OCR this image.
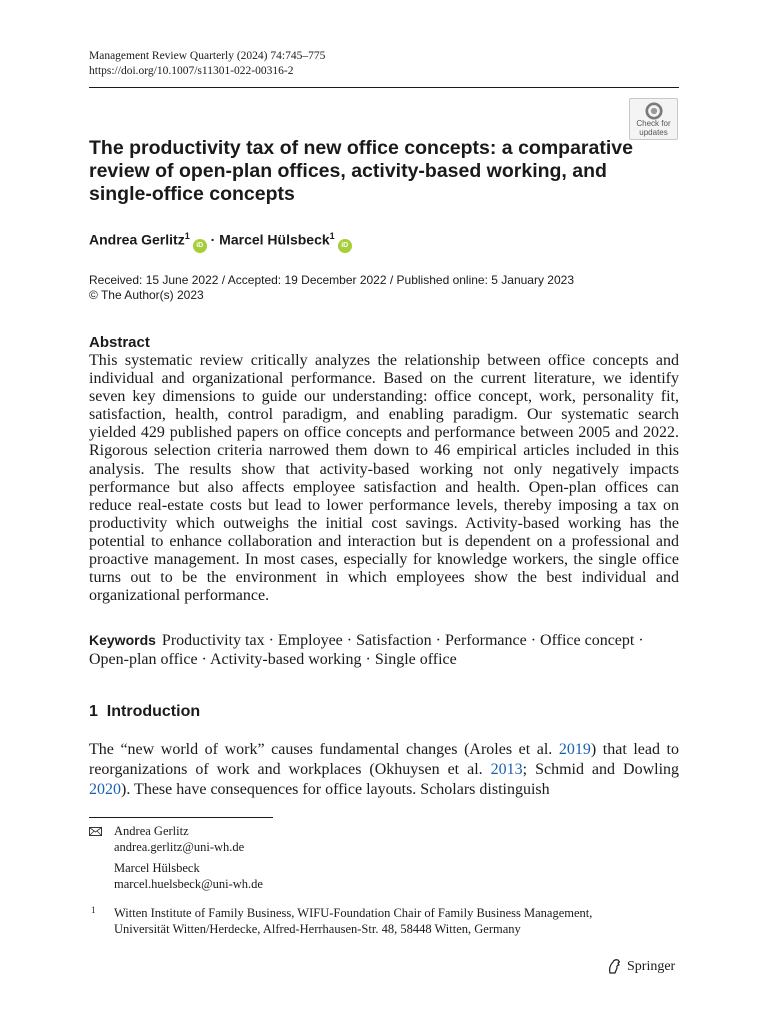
Management Review Quarterly (2024) 74:745–775
https://doi.org/10.1007/s11301-022-00316-2
Check for
updates
The productivity tax of new office concepts: a comparative review of open-plan offices, activity-based working, and single-office concepts
Andrea Gerlitz$^1$iD · Marcel Hülsbeck$^1$iD
Received: 15 June 2022 / Accepted: 19 December 2022 / Published online: 5 January 2023
© The Author(s) 2023
Abstract

This systematic review critically analyzes the relationship between office concepts and individual and organizational performance. Based on the current literature, we identify seven key dimensions to guide our understanding: office concept, work, personality fit, satisfaction, health, control paradigm, and enabling paradigm. Our systematic search yielded 429 published papers on office concepts and performance between 2005 and 2022. Rigorous selection criteria narrowed them down to 46 empirical articles included in this analysis. The results show that activity-based working not only negatively impacts performance but also affects employee satisfaction and health. Open-plan offices can reduce real-estate costs but lead to lower performance levels, thereby imposing a tax on productivity which outweighs the initial cost savings. Activity-based working has the potential to enhance collaboration and interaction but is dependent on a professional and proactive management. In most cases, especially for knowledge workers, the single office turns out to be the environment in which employees show the best individual and organizational performance.

Keywords Productivity tax · Employee · Satisfaction · Performance · Office concept · Open-plan office · Activity-based working · Single office

1 Introduction

The “new world of work” causes fundamental changes (Aroles et al. 2019) that lead to reorganizations of work and workplaces (Okhuysen et al. 2013; Schmid and Dowling 2020). These have consequences for office layouts. Scholars distinguish

Andrea Gerlitz
andrea.gerlitz@uni-wh.de
Marcel Hülsbeck
marcel.huelsbeck@uni-wh.de
1 Witten Institute of Family Business, WIFU-Foundation Chair of Family Business Management,
Universität Witten/Herdecke, Alfred-Herrhausen-Str. 48, 58448 Witten, Germany
Springer
